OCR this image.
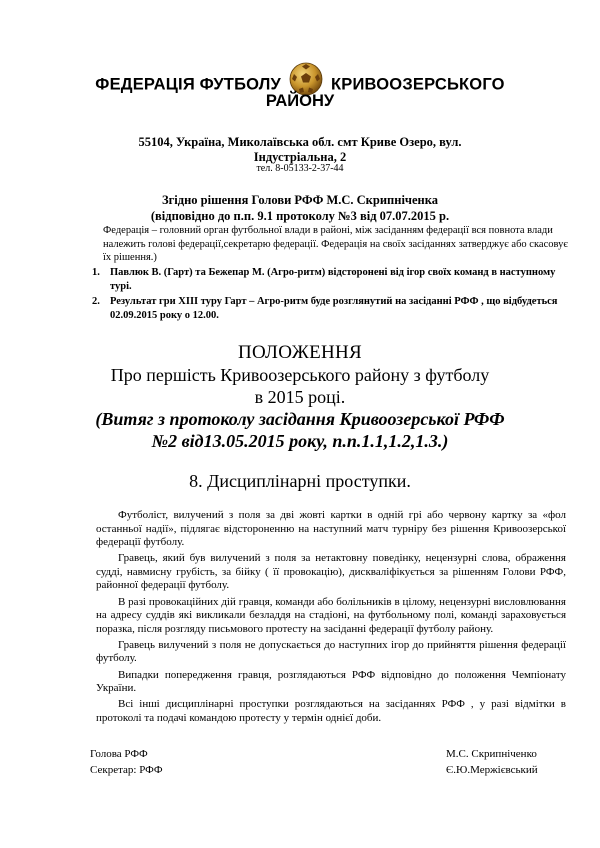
ФЕДЕРАЦІЯ ФУТБОЛУ	КРИВООЗЕРСЬКОГО
РАЙОНУ
55104, Україна, Миколаївська обл. смт Криве Озеро, вул.
Індустріальна, 2
тел. 8-05133-2-37-44
Згідно рішення Голови РФФ М.С. Скрипніченка
(відповідно до п.п. 9.1 протоколу №3 від 07.07.2015 р.
Федерація – головний орган футбольної влади в районі, між засіданням федерації вся повнота влади належить голові федерації,секретарю федерації. Федерація на своїх засіданнях затверджує або скасовує їх рішення.)
1. Павлюк В. (Гарт) та Бежепар М. (Агро-ритм) відсторонені від ігор своїх команд в наступному турі.
2. Результат гри XIII туру Гарт – Агро-ритм буде розглянутий на засіданні РФФ , що відбудеться 02.09.2015 року о 12.00.
ПОЛОЖЕННЯ
Про першість Кривоозерського району з футболу
в 2015 році.
(Витяг з протоколу засідання Кривоозерської РФФ
№2 від13.05.2015 року, п.п.1.1,1.2,1.3.)
8. Дисциплінарні проступки.

Футболіст, вилучений з поля за дві жовті картки в одній грі або червону картку за «фол останньої надії», підлягає відстороненню на наступний матч турніру без рішення Кривоозерської федерації футболу.

Гравець, який був вилучений з поля за нетактовну поведінку, нецензурні слова, ображення судді, навмисну грубість, за бійку ( її провокацію), дискваліфікується за рішенням Голови РФФ, районної федерації футболу.

В разі провокаційних дій гравця, команди або болільників в цілому, нецензурні висловлювання на адресу суддів які викликали безладдя на стадіоні, на футбольному полі, команді зараховується поразка, після розгляду письмового протесту на засіданні федерації футболу району.

Гравець вилучений з поля не допускається до наступних ігор до прийняття рішення федерації футболу.

Випадки попередження гравця, розглядаються РФФ відповідно до положення Чемпіонату України.

Всі інші дисциплінарні проступки розглядаються на засіданнях РФФ , у разі відмітки в протоколі та подачі командою протесту у термін однієї доби.

Голова РФФ	М.С. Скрипніченко
Секретар: РФФ	Є.Ю.Мержієвський
